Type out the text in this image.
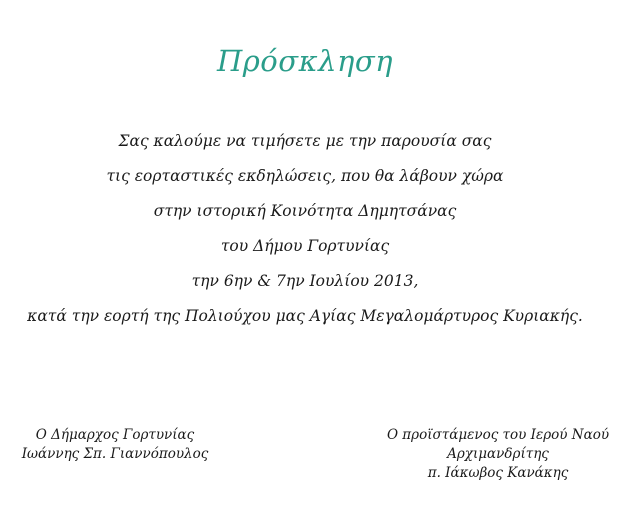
Πρόσκληση
Σας καλούμε να τιμήσετε με την παρουσία σας
τις εορταστικές εκδηλώσεις, που θα λάβουν χώρα
στην ιστορική Κοινότητα Δημητσάνας
του Δήμου Γορτυνίας
την 6ην & 7ην Ιουλίου 2013,
κατά την εορτή της Πολιούχου μας Αγίας Μεγαλομάρτυρος Κυριακής.
Ο Δήμαρχος Γορτυνίας
Ιωάννης Σπ. Γιαννόπουλος
Ο προϊστάμενος του Ιερού Ναού
Αρχιμανδρίτης
π. Ιάκωβος Κανάκης
